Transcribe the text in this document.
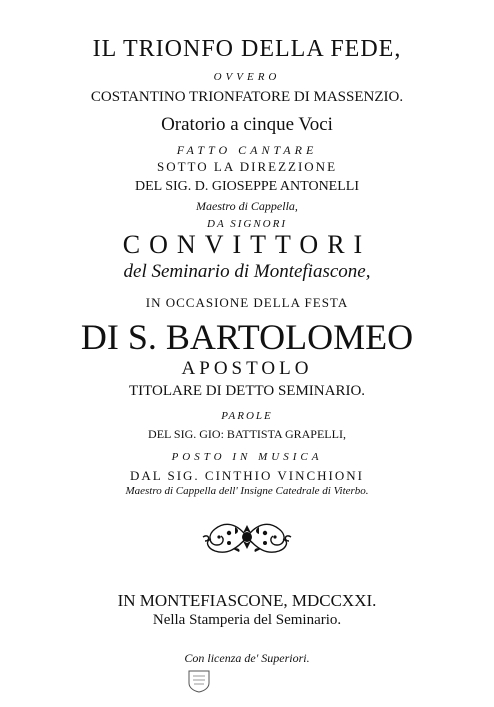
IL TRIONFO DELLA FEDE,
OVVERO
COSTANTINO TRIONFATORE DI MASSENZIO.
Oratorio a cinque Voci
FATTO CANTARE
SOTTO LA DIREZZIONE
DEL SIG. D. GIOSEPPE ANTONELLI
Maestro di Cappella,
DA SIGNORI
CONVITTORI
del Seminario di Montefiascone,
IN OCCASIONE DELLA FESTA
DI S. BARTOLOMEO
APOSTOLO
TITOLARE DI DETTO SEMINARIO.
PAROLE
DEL SIG. GIO: BATTISTA GRAPELLI,
POSTO IN MUSICA
DAL SIG. CINTHIO VINCHIONI
Maestro di Cappella dell' Insigne Catedrale di Viterbo.
IN MONTEFIASCONE, MDCCXXI.
Nella Stamperia del Seminario.
Con licenza de' Superiori.
